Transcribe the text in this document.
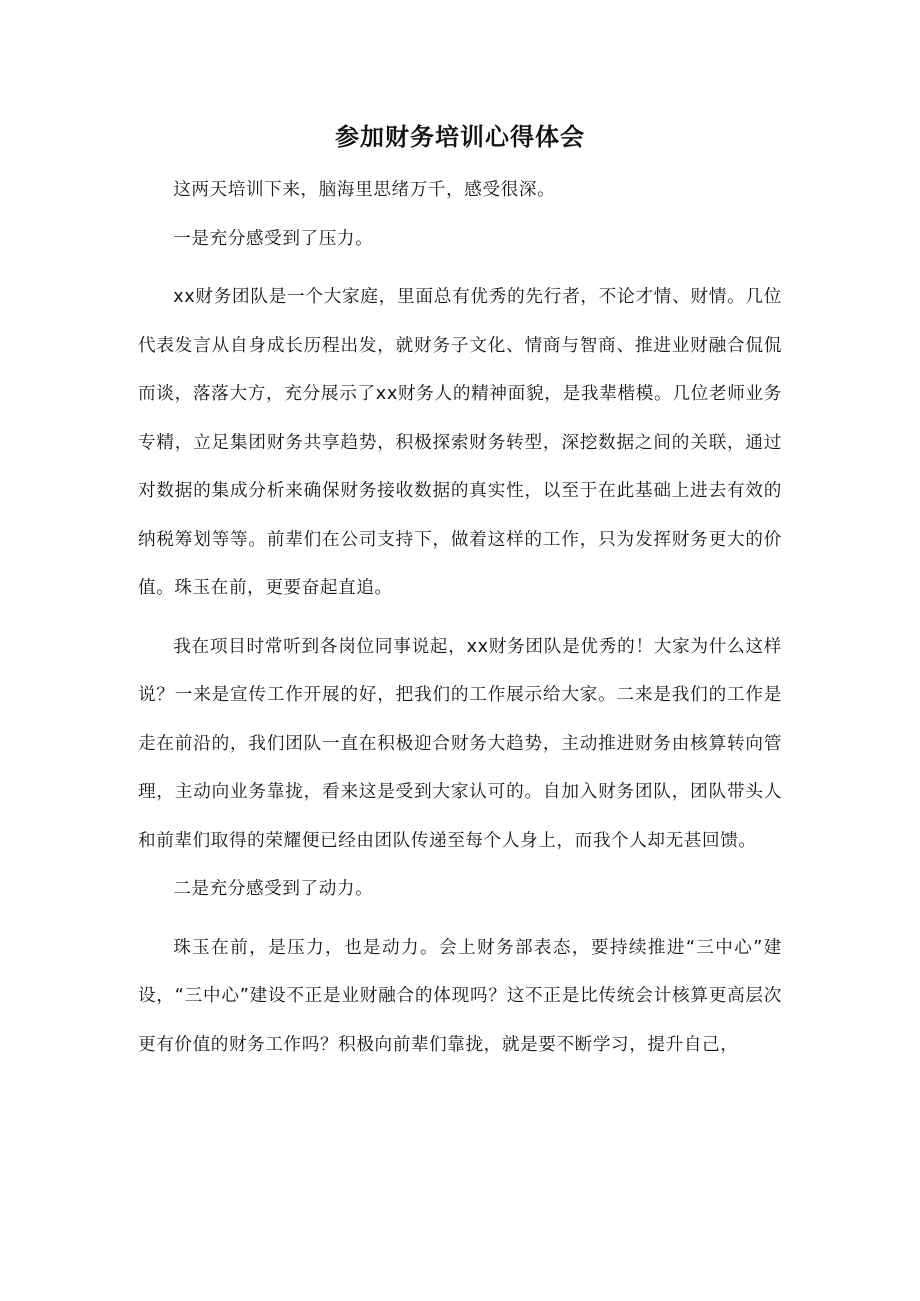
参加财务培训心得体会

这两天培训下来，脑海里思绪万千，感受很深。

一是充分感受到了压力。

xx财务团队是一个大家庭，里面总有优秀的先行者，不论才情、财情。几位代表发言从自身成长历程出发，就财务子文化、情商与智商、推进业财融合侃侃而谈，落落大方，充分展示了xx财务人的精神面貌，是我辈楷模。几位老师业务专精，立足集团财务共享趋势，积极探索财务转型，深挖数据之间的关联，通过对数据的集成分析来确保财务接收数据的真实性，以至于在此基础上进去有效的纳税筹划等等。前辈们在公司支持下，做着这样的工作，只为发挥财务更大的价值。珠玉在前，更要奋起直追。

我在项目时常听到各岗位同事说起，xx财务团队是优秀的！大家为什么这样说？一来是宣传工作开展的好，把我们的工作展示给大家。二来是我们的工作是走在前沿的，我们团队一直在积极迎合财务大趋势，主动推进财务由核算转向管理，主动向业务靠拢，看来这是受到大家认可的。自加入财务团队，团队带头人和前辈们取得的荣耀便已经由团队传递至每个人身上，而我个人却无甚回馈。

二是充分感受到了动力。

珠玉在前，是压力，也是动力。会上财务部表态，要持续推进“三中心”建设，“三中心”建设不正是业财融合的体现吗？这不正是比传统会计核算更高层次更有价值的财务工作吗？积极向前辈们靠拢，就是要不断学习，提升自己，
